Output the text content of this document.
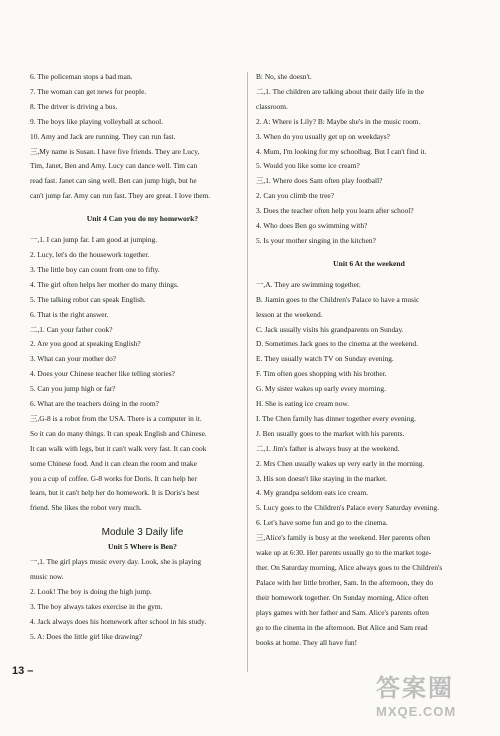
6. The policeman stops a bad man.
7. The woman can get news for people.
8. The driver is driving a bus.
9. The boys like playing volleyball at school.
10. Amy and Jack are running. They can run fast.
三,My name is Susan. I have five friends. They are Lucy,
Tim, Janet, Ben and Amy. Lucy can dance well. Tim can
read fast. Janet can sing well. Ben can jump high, but he
can't jump far. Amy can run fast. They are great. I love them.
Unit 4 Can you do my homework?
一,1. I can jump far. I am good at jumping.
2. Lucy, let's do the housework together.
3. The little boy can count from one to fifty.
4. The girl often helps her mother do many things.
5. The talking robot can speak English.
6. That is the right answer.
二,1. Can your father cook?
2. Are you good at speaking English?
3. What can your mother do?
4. Does your Chinese teacher like telling stories?
5. Can you jump high or far?
6. What are the teachers doing in the room?
三,G-8 is a robot from the USA. There is a computer in it.
So it can do many things. It can speak English and Chinese.
It can walk with legs, but it can't walk very fast. It can cook
some Chinese food. And it can clean the room and make
you a cup of coffee. G-8 works for Doris. It can help her
learn, but it can't help her do homework. It is Doris's best
friend. She likes the robot very much.
Module 3 Daily life
Unit 5 Where is Ben?
一,1. The girl plays music every day. Look, she is playing
music now.
2. Look! The boy is doing the high jump.
3. The boy always takes exercise in the gym.
4. Jack always does his homework after school in his study.
5. A: Does the little girl like drawing?
B: No, she doesn't.
二,1. The children are talking about their daily life in the
classroom.
2. A: Where is Lily? B: Maybe she's in the music room.
3. When do you usually get up on weekdays?
4. Mum, I'm looking for my schoolbag. But I can't find it.
5. Would you like some ice cream?
三,1. Where does Sam often play football?
2. Can you climb the tree?
3. Does the teacher often help you learn after school?
4. Who does Ben go swimming with?
5. Is your mother singing in the kitchen?
Unit 6 At the weekend
一,A. They are swimming together.
B. Jiamin goes to the Children's Palace to have a music
lesson at the weekend.
C. Jack usually visits his grandparents on Sunday.
D. Sometimes Jack goes to the cinema at the weekend.
E. They usually watch TV on Sunday evening.
F. Tim often goes shopping with his brother.
G. My sister wakes up early every morning.
H. She is eating ice cream now.
I. The Chen family has dinner together every evening.
J. Ben usually goes to the market with his parents.
二,1. Jim's father is always busy at the weekend.
2. Mrs Chen usually wakes up very early in the morning.
3. His son doesn't like staying in the market.
4. My grandpa seldom eats ice cream.
5. Lucy goes to the Children's Palace every Saturday evening.
6. Let's have some fun and go to the cinema.
三,Alice's family is busy at the weekend. Her parents often
wake up at 6:30. Her parents usually go to the market toge-
ther. On Saturday morning, Alice always goes to the Children's
Palace with her little brother, Sam. In the afternoon, they do
their homework together. On Sunday morning, Alice often
plays games with her father and Sam. Alice's parents often
go to the cinema in the afternoon. But Alice and Sam read
books at home. They all have fun!
13 –
答案圈
MXQE.COM
